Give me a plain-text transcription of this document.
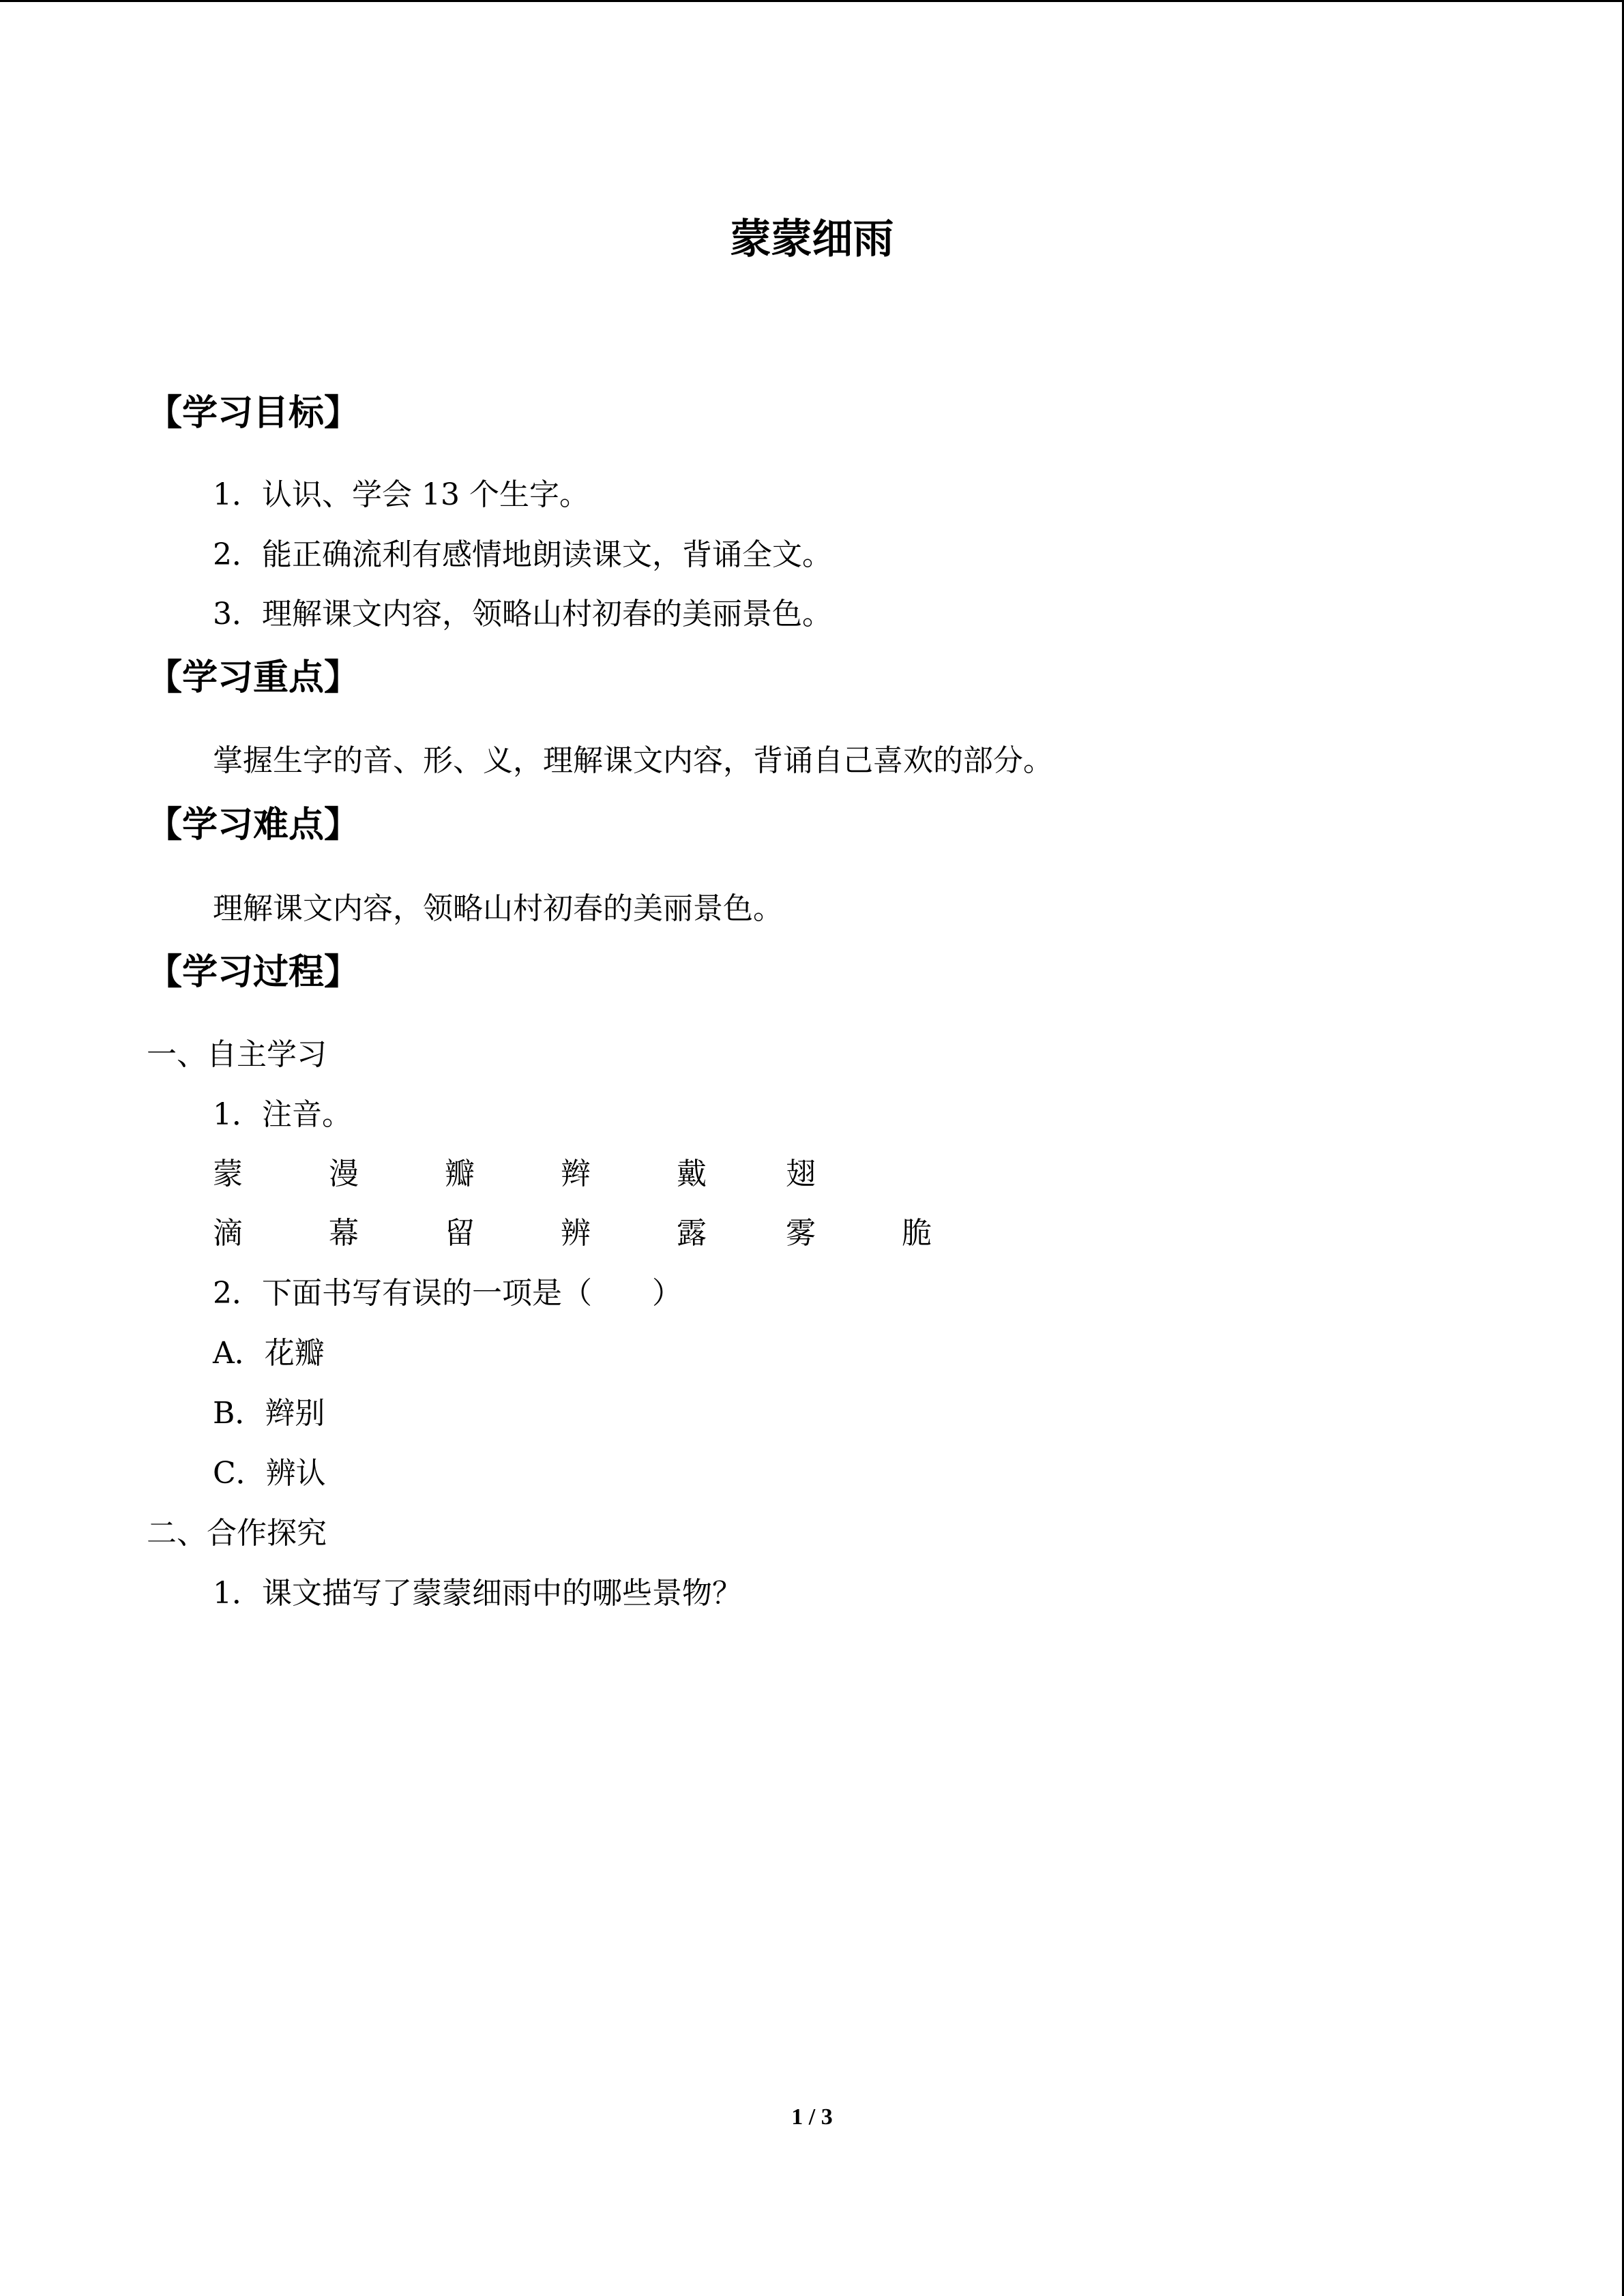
蒙蒙细雨
【学习目标】
1．认识、学会 13 个生字。
2．能正确流利有感情地朗读课文，背诵全文。
3．理解课文内容，领略山村初春的美丽景色。
【学习重点】
掌握生字的音、形、义，理解课文内容，背诵自己喜欢的部分。
【学习难点】
理解课文内容，领略山村初春的美丽景色。
【学习过程】
一、自主学习
1．注音。
蒙	漫	瓣	辫	戴	翅
滴	幕	留	辨	露	雾	脆
2．下面书写有误的一项是（　　）
A．花瓣
B．辫别
C．辨认
二、合作探究
1．课文描写了蒙蒙细雨中的哪些景物？
1 / 3
